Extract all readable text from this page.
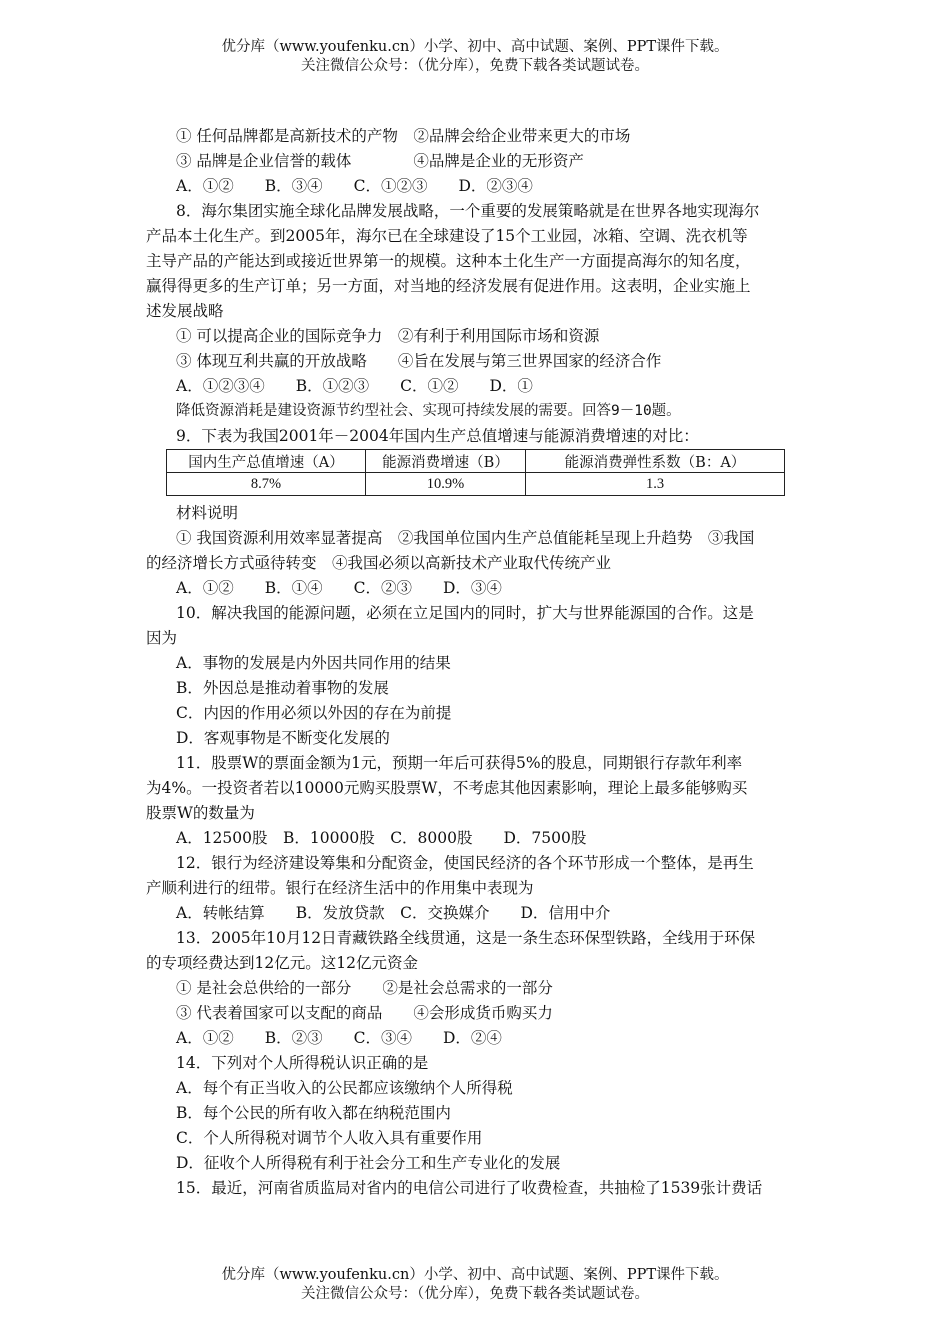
优分库（www.youfenku.cn）小学、初中、高中试题、案例、PPT课件下载。
关注微信公众号：（优分库），免费下载各类试题试卷。
① 任何品牌都是高新技术的产物　②品牌会给企业带来更大的市场
③ 品牌是企业信誉的载体　　　　④品牌是企业的无形资产
A．①②　　B．③④　　C．①②③　　D．②③④
8．海尔集团实施全球化品牌发展战略，一个重要的发展策略就是在世界各地实现海尔
产品本土化生产。到2005年，海尔已在全球建设了15个工业园，冰箱、空调、洗衣机等
主导产品的产能达到或接近世界第一的规模。这种本土化生产一方面提高海尔的知名度，
赢得得更多的生产订单；另一方面，对当地的经济发展有促进作用。这表明，企业实施上
述发展战略
① 可以提高企业的国际竞争力　②有利于利用国际市场和资源
③ 体现互利共赢的开放战略　　④旨在发展与第三世界国家的经济合作
A．①②③④　　B．①②③　　C．①②　　D．①
降低资源消耗是建设资源节约型社会、实现可持续发展的需要。回答9－10题。
9．下表为我国2001年－2004年国内生产总值增速与能源消费增速的对比：
国内生产总值增速（A）	能源消费增速（B）	能源消费弹性系数（B：A）
8.7%	10.9%	1.3
材料说明
① 我国资源利用效率显著提高　②我国单位国内生产总值能耗呈现上升趋势　③我国
的经济增长方式亟待转变　④我国必须以高新技术产业取代传统产业
A．①②　　B．①④　　C．②③　　D．③④
10．解决我国的能源问题，必须在立足国内的同时，扩大与世界能源国的合作。这是
因为
A．事物的发展是内外因共同作用的结果
B．外因总是推动着事物的发展
C．内因的作用必须以外因的存在为前提
D．客观事物是不断变化发展的
11．股票W的票面金额为1元，预期一年后可获得5%的股息，同期银行存款年利率
为4%。一投资者若以10000元购买股票W，不考虑其他因素影响，理论上最多能够购买
股票W的数量为
A．12500股　B．10000股　C．8000股　　D．7500股
12．银行为经济建设筹集和分配资金，使国民经济的各个环节形成一个整体，是再生
产顺利进行的纽带。银行在经济生活中的作用集中表现为
A．转帐结算　　B．发放贷款　C．交换媒介　　D．信用中介
13．2005年10月12日青藏铁路全线贯通，这是一条生态环保型铁路，全线用于环保
的专项经费达到12亿元。这12亿元资金
① 是社会总供给的一部分　　②是社会总需求的一部分
③ 代表着国家可以支配的商品　　④会形成货币购买力
A．①②　　B．②③　　C．③④　　D．②④
14．下列对个人所得税认识正确的是
A．每个有正当收入的公民都应该缴纳个人所得税
B．每个公民的所有收入都在纳税范围内
C．个人所得税对调节个人收入具有重要作用
D．征收个人所得税有利于社会分工和生产专业化的发展
15．最近，河南省质监局对省内的电信公司进行了收费检查，共抽检了1539张计费话
优分库（www.youfenku.cn）小学、初中、高中试题、案例、PPT课件下载。
关注微信公众号：（优分库），免费下载各类试题试卷。
